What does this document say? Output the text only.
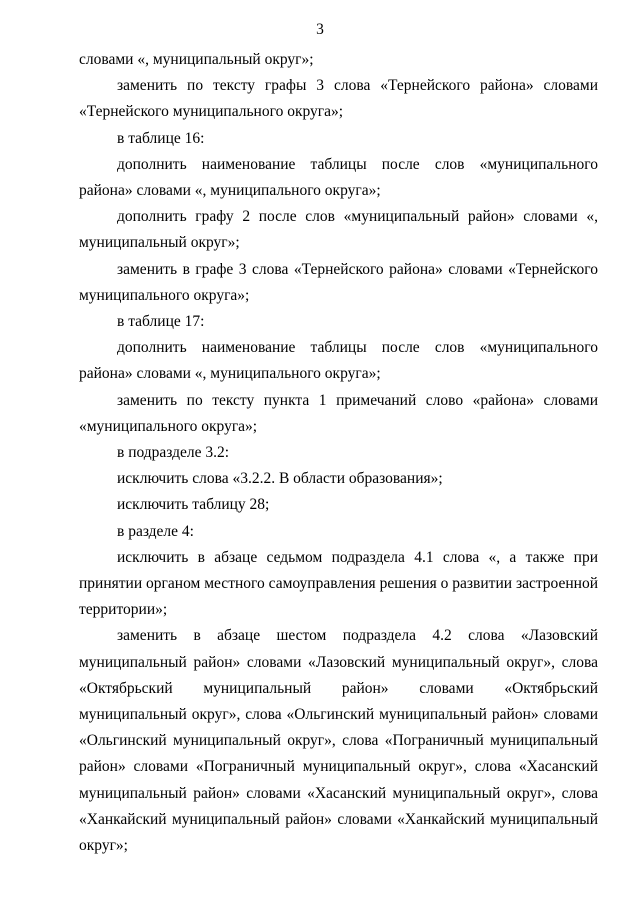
3

словами «, муниципальный округ»;

заменить по тексту графы 3 слова «Тернейского района» словами «Тернейского муниципального округа»;

в таблице 16:

дополнить наименование таблицы после слов «муниципального района» словами «, муниципального округа»;

дополнить графу 2 после слов «муниципальный район» словами «, муниципальный округ»;

заменить в графе 3 слова «Тернейского района» словами «Тернейского муниципального округа»;

в таблице 17:

дополнить наименование таблицы после слов «муниципального района» словами «, муниципального округа»;

заменить по тексту пункта 1 примечаний слово «района» словами «муниципального округа»;

в подразделе 3.2:

исключить слова «3.2.2. В области образования»;

исключить таблицу 28;

в разделе 4:

исключить в абзаце седьмом подраздела 4.1 слова «, а также при принятии органом местного самоуправления решения о развитии застроенной территории»;

заменить в абзаце шестом подраздела 4.2 слова «Лазовский муниципальный район» словами «Лазовский муниципальный округ», слова «Октябрьский муниципальный район» словами «Октябрьский муниципальный округ», слова «Ольгинский муниципальный район» словами «Ольгинский муниципальный округ», слова «Пограничный муниципальный район» словами «Пограничный муниципальный округ», слова «Хасанский муниципальный район» словами «Хасанский муниципальный округ», слова «Ханкайский муниципальный район» словами «Ханкайский муниципальный округ»;
